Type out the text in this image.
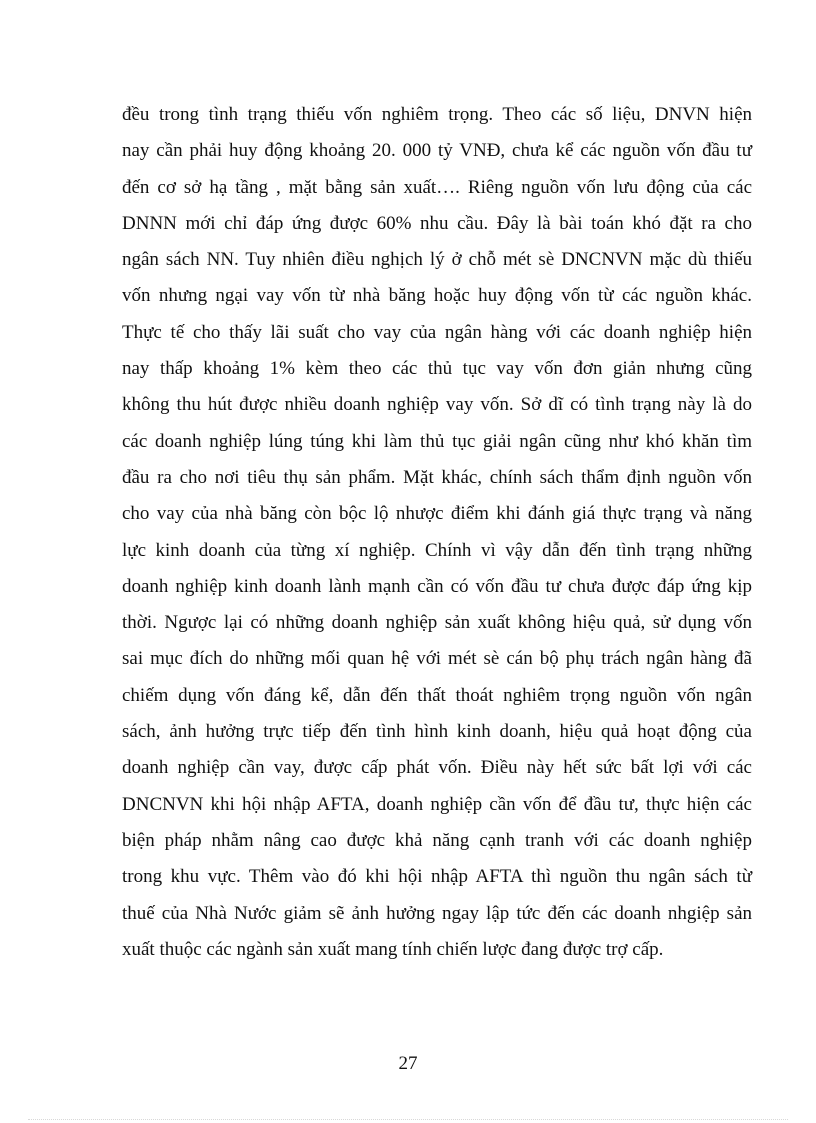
đều trong tình trạng thiếu vốn nghiêm trọng. Theo các số liệu, DNVN hiện
nay cần phải huy động khoảng 20. 000 tỷ VNĐ, chưa kể các nguồn vốn đầu tư
đến cơ sở hạ tầng , mặt bằng sản xuất…. Riêng nguồn vốn lưu động của các
DNNN mới chỉ đáp ứng được 60% nhu cầu. Đây là bài toán khó đặt ra cho
ngân sách NN. Tuy nhiên điều nghịch lý ở chỗ mét sè DNCNVN mặc dù thiếu
vốn nhưng ngại vay vốn từ nhà băng hoặc huy động vốn từ các nguồn khác.
Thực tế cho thấy lãi suất cho vay của ngân hàng với các doanh nghiệp hiện
nay thấp khoảng 1% kèm theo các thủ tục vay vốn đơn giản nhưng cũng
không thu hút được nhiều doanh nghiệp vay vốn. Sở dĩ có tình trạng này là do
các doanh nghiệp lúng túng khi làm thủ tục giải ngân cũng như khó khăn tìm
đầu ra cho nơi tiêu thụ sản phẩm. Mặt khác, chính sách thẩm định nguồn vốn
cho vay của nhà băng còn bộc lộ nhược điểm khi đánh giá thực trạng và năng
lực kinh doanh của từng xí nghiệp. Chính vì vậy dẫn đến tình trạng những
doanh nghiệp kinh doanh lành mạnh cần có vốn đầu tư chưa được đáp ứng kịp
thời. Ngược lại có những doanh nghiệp sản xuất không hiệu quả, sử dụng vốn
sai mục đích do những mối quan hệ với mét sè cán bộ phụ trách ngân hàng đã
chiếm dụng vốn đáng kể, dẫn đến thất thoát nghiêm trọng nguồn vốn ngân
sách, ảnh hưởng trực tiếp đến tình hình kinh doanh, hiệu quả hoạt động của
doanh nghiệp cần vay, được cấp phát vốn. Điều này hết sức bất lợi với các
DNCNVN khi hội nhập AFTA, doanh nghiệp cần vốn để đầu tư, thực hiện các
biện pháp nhằm nâng cao được khả năng cạnh tranh với các doanh nghiệp
trong khu vực. Thêm vào đó khi hội nhập AFTA thì nguồn thu ngân sách từ
thuế của Nhà Nước giảm sẽ ảnh hưởng ngay lập tức đến các doanh nhgiệp sản
xuất thuộc các ngành sản xuất mang tính chiến lược đang được trợ cấp.
27
